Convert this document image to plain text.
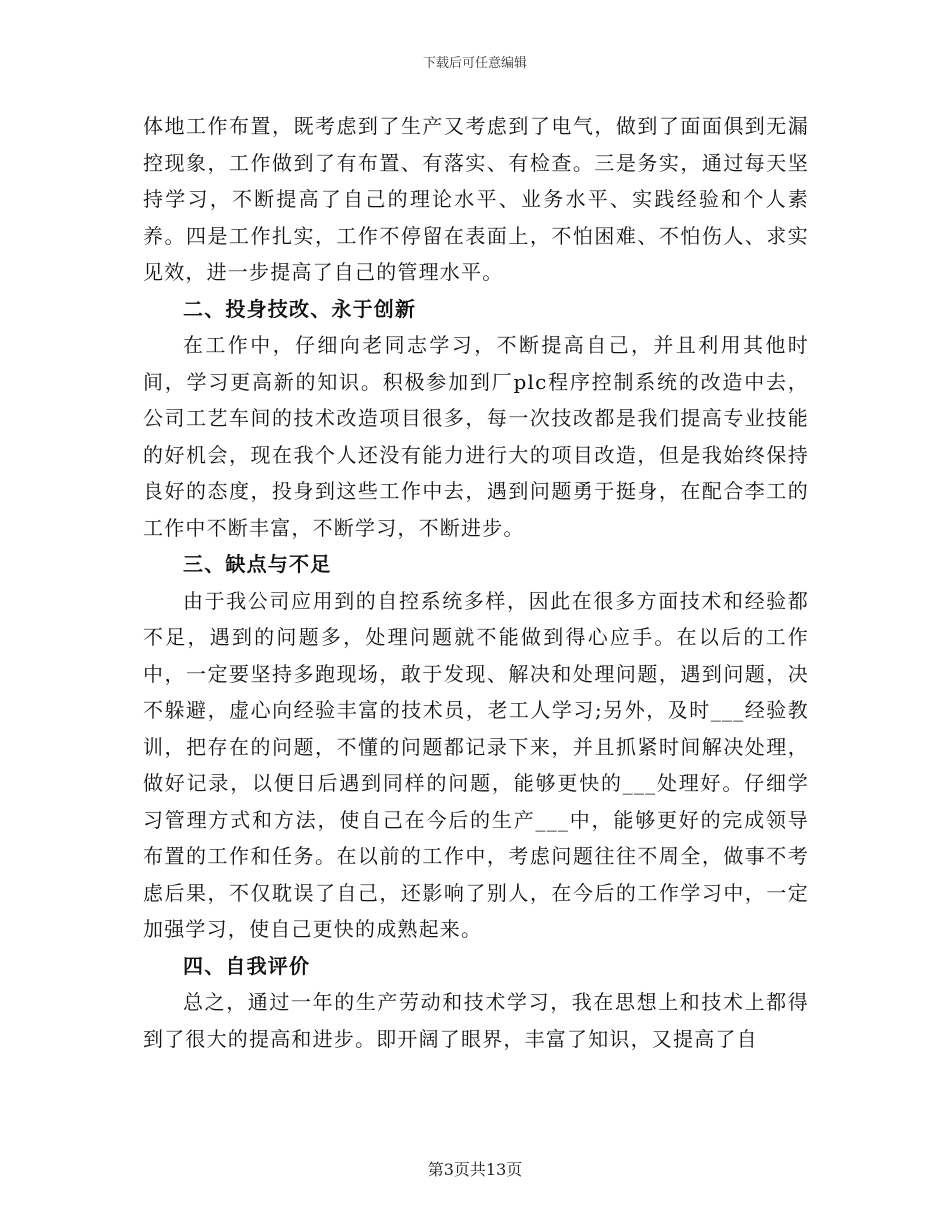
下载后可任意编辑

体地工作布置，既考虑到了生产又考虑到了电气，做到了面面俱到无漏控现象，工作做到了有布置、有落实、有检查。三是务实，通过每天坚持学习，不断提高了自己的理论水平、业务水平、实践经验和个人素养。四是工作扎实，工作不停留在表面上，不怕困难、不怕伤人、求实见效，进一步提高了自己的管理水平。

二、投身技改、永于创新

在工作中，仔细向老同志学习，不断提高自己，并且利用其他时间，学习更高新的知识。积极参加到厂plc程序控制系统的改造中去，公司工艺车间的技术改造项目很多，每一次技改都是我们提高专业技能的好机会，现在我个人还没有能力进行大的项目改造，但是我始终保持良好的态度，投身到这些工作中去，遇到问题勇于挺身，在配合李工的工作中不断丰富，不断学习，不断进步。

三、缺点与不足

由于我公司应用到的自控系统多样，因此在很多方面技术和经验都不足，遇到的问题多，处理问题就不能做到得心应手。在以后的工作中，一定要坚持多跑现场，敢于发现、解决和处理问题，遇到问题，决不躲避，虚心向经验丰富的技术员，老工人学习;另外，及时___经验教训，把存在的问题，不懂的问题都记录下来，并且抓紧时间解决处理，做好记录，以便日后遇到同样的问题，能够更快的___处理好。仔细学习管理方式和方法，使自己在今后的生产___中，能够更好的完成领导布置的工作和任务。在以前的工作中，考虑问题往往不周全，做事不考虑后果，不仅耽误了自己，还影响了别人，在今后的工作学习中，一定加强学习，使自己更快的成熟起来。

四、自我评价

总之，通过一年的生产劳动和技术学习，我在思想上和技术上都得到了很大的提高和进步。即开阔了眼界，丰富了知识，又提高了自

第3页共13页
